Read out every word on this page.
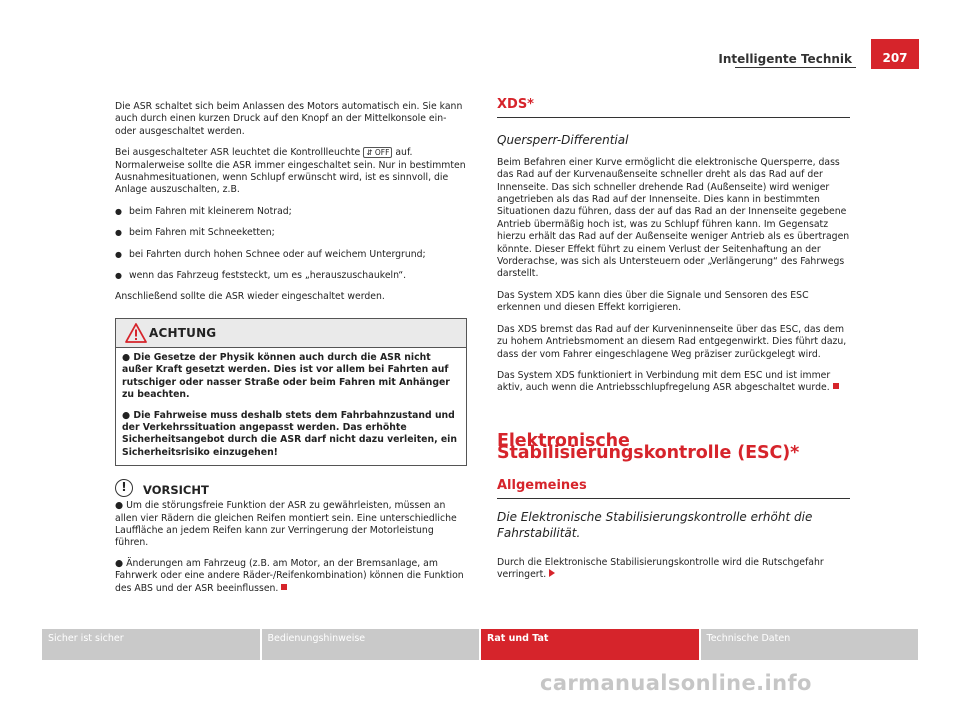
Intelligente Technik	207

Die ASR schaltet sich beim Anlassen des Motors automatisch ein. Sie kann auch durch einen kurzen Druck auf den Knopf an der Mittelkonsole ein- oder ausgeschaltet werden.

Bei ausgeschalteter ASR leuchtet die Kontrollleuchte ⇵ OFF auf. Normalerweise sollte die ASR immer eingeschaltet sein. Nur in bestimmten Ausnahmesituationen, wenn Schlupf erwünscht wird, ist es sinnvoll, die Anlage auszuschalten, z.B.

● beim Fahren mit kleinerem Notrad;
● beim Fahren mit Schneeketten;
● bei Fahrten durch hohen Schnee oder auf weichem Untergrund;
● wenn das Fahrzeug feststeckt, um es „herauszuschaukeln“.

Anschließend sollte die ASR wieder eingeschaltet werden.

ACHTUNG
● Die Gesetze der Physik können auch durch die ASR nicht außer Kraft gesetzt werden. Dies ist vor allem bei Fahrten auf rutschiger oder nasser Straße oder beim Fahren mit Anhänger zu beachten.
● Die Fahrweise muss deshalb stets dem Fahrbahnzustand und der Verkehrssituation angepasst werden. Das erhöhte Sicherheitsangebot durch die ASR darf nicht dazu verleiten, ein Sicherheitsrisiko einzugehen!
!	VORSICHT
● Um die störungsfreie Funktion der ASR zu gewährleisten, müssen an allen vier Rädern die gleichen Reifen montiert sein. Eine unterschiedliche Lauffläche an jedem Reifen kann zur Verringerung der Motorleistung führen.
● Änderungen am Fahrzeug (z.B. am Motor, an der Bremsanlage, am Fahrwerk oder eine andere Räder-/Reifenkombination) können die Funktion des ABS und der ASR beeinflussen.
XDS*
Quersperr-Differential

Beim Befahren einer Kurve ermöglicht die elektronische Quersperre, dass das Rad auf der Kurvenaußenseite schneller dreht als das Rad auf der Innenseite. Das sich schneller drehende Rad (Außenseite) wird weniger angetrieben als das Rad auf der Innenseite. Dies kann in bestimmten Situationen dazu führen, dass der auf das Rad an der Innenseite gegebene Antrieb übermäßig hoch ist, was zu Schlupf führen kann. Im Gegensatz hierzu erhält das Rad auf der Außenseite weniger Antrieb als es übertragen könnte. Dieser Effekt führt zu einem Verlust der Seitenhaftung an der Vorderachse, was sich als Untersteuern oder „Verlängerung“ des Fahrwegs darstellt.

Das System XDS kann dies über die Signale und Sensoren des ESC erkennen und diesen Effekt korrigieren.

Das XDS bremst das Rad auf der Kurveninnenseite über das ESC, das dem zu hohem Antriebsmoment an diesem Rad entgegenwirkt. Dies führt dazu, dass der vom Fahrer eingeschlagene Weg präziser zurückgelegt wird.

Das System XDS funktioniert in Verbindung mit dem ESC und ist immer aktiv, auch wenn die Antriebsschlupfregelung ASR abgeschaltet wurde.

Elektronische Stabilisierungskontrolle (ESC)*
Allgemeines
Die Elektronische Stabilisierungskontrolle erhöht die Fahrstabilität.

Durch die Elektronische Stabilisierungskontrolle wird die Rutschgefahr verringert.

Sicher ist sicher	Bedienungshinweise	Rat und Tat	Technische Daten
carmanualsonline.info
